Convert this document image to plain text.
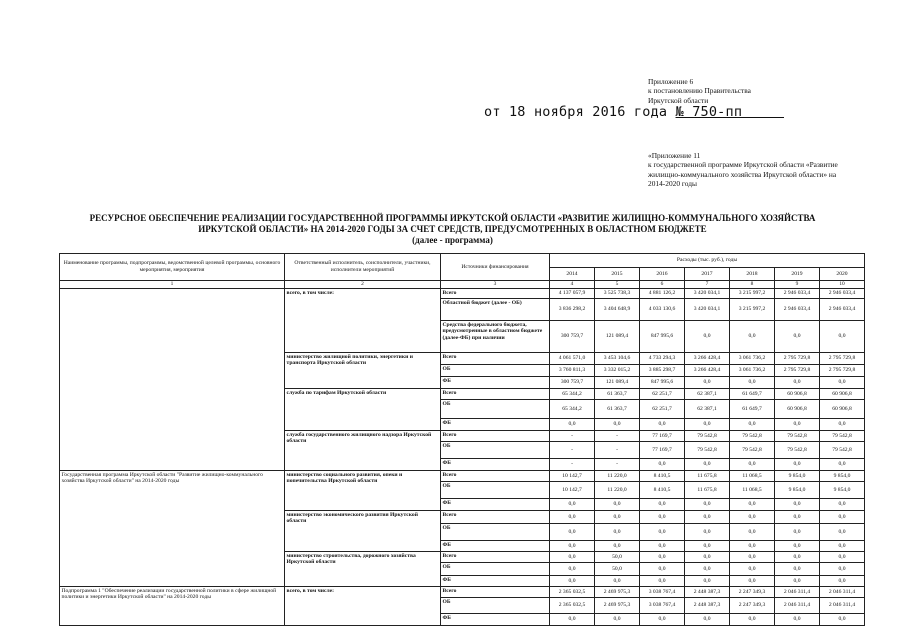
Приложение 6
к постановлению Правительства
Иркутской области
от 18 ноября 2016 года № 750-пп
«Приложение 11
к государственной программе Иркутской области «Развитие
жилищно-коммунального хозяйства Иркутской области» на
2014-2020 годы
РЕСУРСНОЕ ОБЕСПЕЧЕНИЕ РЕАЛИЗАЦИИ ГОСУДАРСТВЕННОЙ ПРОГРАММЫ ИРКУТСКОЙ ОБЛАСТИ «РАЗВИТИЕ ЖИЛИЩНО-КОММУНАЛЬНОГО ХОЗЯЙСТВА
ИРКУТСКОЙ ОБЛАСТИ» НА 2014-2020 ГОДЫ ЗА СЧЕТ СРЕДСТВ, ПРЕДУСМОТРЕННЫХ В ОБЛАСТНОМ БЮДЖЕТЕ
(далее - программа)
Наименование программы, подпрограммы, ведомственной целевой программы, основного мероприятия, мероприятия	Ответственный исполнитель, соисполнители, участники, исполнители мероприятий	Источники финансирования	Расходы (тыс. руб.), годы						
			2014	2015	2016	2017	2018	2019	2020
1	2	3	4	5	6	7	8	9	10
	всего, в том числе:	Всего	4 137 057,9	3 525 738,3	4 881 126,2	3 420 034,1	3 215 997,2	2 946 033,4	2 946 033,4
		Областной бюджет (далее - ОБ)	3 836 298,2	3 404 648,9	4 033 130,6	3 420 034,1	3 215 997,2	2 946 033,4	2 946 033,4
		Средства федерального бюджета, предусмотренные в областном бюджете (далее-ФБ) при наличии	300 759,7	121 089,4	847 995,6	0,0	0,0	0,0	0,0
	министерство жилищной политики, энергетики и транспорта Иркутской области	Всего	4 061 571,0	3 453 104,6	4 733 294,3	3 266 428,4	3 061 736,2	2 795 729,8	2 795 729,8
		ОБ	3 760 811,3	3 332 015,2	3 885 298,7	3 266 428,4	3 061 736,2	2 795 729,8	2 795 729,8
		ФБ	300 759,7	121 089,4	847 995,6	0,0	0,0	0,0	0,0
	служба по тарифам Иркутской области	Всего	65 344,2	61 363,7	62 251,7	62 387,1	61 649,7	60 906,8	60 906,8
		ОБ	65 344,2	61 363,7	62 251,7	62 387,1	61 649,7	60 906,8	60 906,8
		ФБ	0,0	0,0	0,0	0,0	0,0	0,0	0,0
	служба государственного жилищного надзора Иркутской области	Всего	-	-	77 169,7	79 542,8	79 542,8	79 542,8	79 542,8
		ОБ	-	-	77 169,7	79 542,8	79 542,8	79 542,8	79 542,8
		ФБ	-	-	0,0	0,0	0,0	0,0	0,0
Государственная программа Иркутской области "Развитие жилищно-коммунального хозяйства Иркутской области" на 2014-2020 годы	министерство социального развития, опеки и попечительства Иркутской области	Всего	10 142,7	11 220,0	8 410,5	11 675,8	11 068,5	9 854,0	9 854,0
		ОБ	10 142,7	11 220,0	8 410,5	11 675,8	11 068,5	9 854,0	9 854,0
		ФБ	0,0	0,0	0,0	0,0	0,0	0,0	0,0
	министерство экономического развития Иркутской области	Всего	0,0	0,0	0,0	0,0	0,0	0,0	0,0
		ОБ	0,0	0,0	0,0	0,0	0,0	0,0	0,0
		ФБ	0,0	0,0	0,0	0,0	0,0	0,0	0,0
	министерство строительства, дорожного хозяйства Иркутской области	Всего	0,0	50,0	0,0	0,0	0,0	0,0	0,0
		ОБ	0,0	50,0	0,0	0,0	0,0	0,0	0,0
		ФБ	0,0	0,0	0,0	0,0	0,0	0,0	0,0
Подпрограмма 1 "Обеспечение реализации государственной политики в сфере жилищной политики и энергетики Иркутской области" на 2014-2020 годы	всего, в том числе:	Всего	2 365 032,5	2 469 975,3	3 038 767,4	2 448 387,3	2 247 349,3	2 046 311,4	2 046 311,4
		ОБ	2 365 032,5	2 469 975,3	3 038 767,4	2 448 387,3	2 247 349,3	2 046 311,4	2 046 311,4
		ФБ	0,0	0,0	0,0	0,0	0,0	0,0	0,0
